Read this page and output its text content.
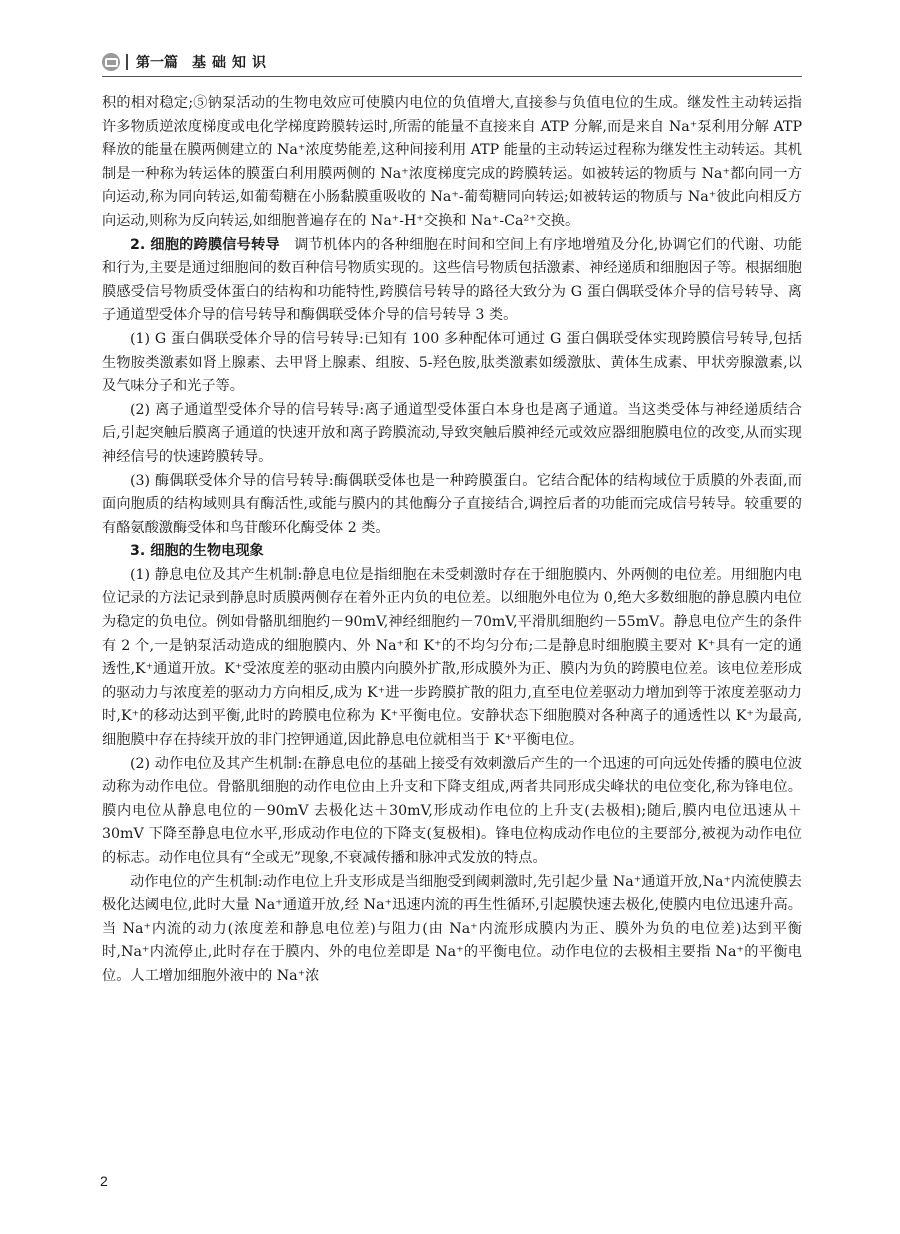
第一篇 基础知识

积的相对稳定;⑤钠泵活动的生物电效应可使膜内电位的负值增大,直接参与负值电位的生成。继发性主动转运指许多物质逆浓度梯度或电化学梯度跨膜转运时,所需的能量不直接来自 ATP 分解,而是来自 Na⁺泵利用分解 ATP 释放的能量在膜两侧建立的 Na⁺浓度势能差,这种间接利用 ATP 能量的主动转运过程称为继发性主动转运。其机制是一种称为转运体的膜蛋白利用膜两侧的 Na⁺浓度梯度完成的跨膜转运。如被转运的物质与 Na⁺都向同一方向运动,称为同向转运,如葡萄糖在小肠黏膜重吸收的 Na⁺-葡萄糖同向转运;如被转运的物质与 Na⁺彼此向相反方向运动,则称为反向转运,如细胞普遍存在的 Na⁺-H⁺交换和 Na⁺-Ca²⁺交换。

2. 细胞的跨膜信号转导　 调节机体内的各种细胞在时间和空间上有序地增殖及分化,协调它们的代谢、功能和行为,主要是通过细胞间的数百种信号物质实现的。这些信号物质包括激素、神经递质和细胞因子等。根据细胞膜感受信号物质受体蛋白的结构和功能特性,跨膜信号转导的路径大致分为 G 蛋白偶联受体介导的信号转导、离子通道型受体介导的信号转导和酶偶联受体介导的信号转导 3 类。

(1) G 蛋白偶联受体介导的信号转导:已知有 100 多种配体可通过 G 蛋白偶联受体实现跨膜信号转导,包括生物胺类激素如肾上腺素、去甲肾上腺素、组胺、5-羟色胺,肽类激素如缓激肽、黄体生成素、甲状旁腺激素,以及气味分子和光子等。

(2) 离子通道型受体介导的信号转导:离子通道型受体蛋白本身也是离子通道。当这类受体与神经递质结合后,引起突触后膜离子通道的快速开放和离子跨膜流动,导致突触后膜神经元或效应器细胞膜电位的改变,从而实现神经信号的快速跨膜转导。

(3) 酶偶联受体介导的信号转导:酶偶联受体也是一种跨膜蛋白。它结合配体的结构域位于质膜的外表面,而面向胞质的结构域则具有酶活性,或能与膜内的其他酶分子直接结合,调控后者的功能而完成信号转导。较重要的有酪氨酸激酶受体和鸟苷酸环化酶受体 2 类。

3. 细胞的生物电现象

(1) 静息电位及其产生机制:静息电位是指细胞在未受刺激时存在于细胞膜内、外两侧的电位差。用细胞内电位记录的方法记录到静息时质膜两侧存在着外正内负的电位差。以细胞外电位为 0,绝大多数细胞的静息膜内电位为稳定的负电位。例如骨骼肌细胞约－90mV,神经细胞约－70mV,平滑肌细胞约－55mV。静息电位产生的条件有 2 个,一是钠泵活动造成的细胞膜内、外 Na⁺和 K⁺的不均匀分布;二是静息时细胞膜主要对 K⁺具有一定的通透性,K⁺通道开放。K⁺受浓度差的驱动由膜内向膜外扩散,形成膜外为正、膜内为负的跨膜电位差。该电位差形成的驱动力与浓度差的驱动力方向相反,成为 K⁺进一步跨膜扩散的阻力,直至电位差驱动力增加到等于浓度差驱动力时,K⁺的移动达到平衡,此时的跨膜电位称为 K⁺平衡电位。安静状态下细胞膜对各种离子的通透性以 K⁺为最高,细胞膜中存在持续开放的非门控钾通道,因此静息电位就相当于 K⁺平衡电位。

(2) 动作电位及其产生机制:在静息电位的基础上接受有效刺激后产生的一个迅速的可向远处传播的膜电位波动称为动作电位。骨骼肌细胞的动作电位由上升支和下降支组成,两者共同形成尖峰状的电位变化,称为锋电位。膜内电位从静息电位的－90mV 去极化达＋30mV,形成动作电位的上升支(去极相);随后,膜内电位迅速从＋30mV 下降至静息电位水平,形成动作电位的下降支(复极相)。锋电位构成动作电位的主要部分,被视为动作电位的标志。动作电位具有“全或无”现象,不衰减传播和脉冲式发放的特点。

动作电位的产生机制:动作电位上升支形成是当细胞受到阈刺激时,先引起少量 Na⁺通道开放,Na⁺内流使膜去极化达阈电位,此时大量 Na⁺通道开放,经 Na⁺迅速内流的再生性循环,引起膜快速去极化,使膜内电位迅速升高。当 Na⁺内流的动力(浓度差和静息电位差)与阻力(由 Na⁺内流形成膜内为正、膜外为负的电位差)达到平衡时,Na⁺内流停止,此时存在于膜内、外的电位差即是 Na⁺的平衡电位。动作电位的去极相主要指 Na⁺的平衡电位。人工增加细胞外液中的 Na⁺浓

2
